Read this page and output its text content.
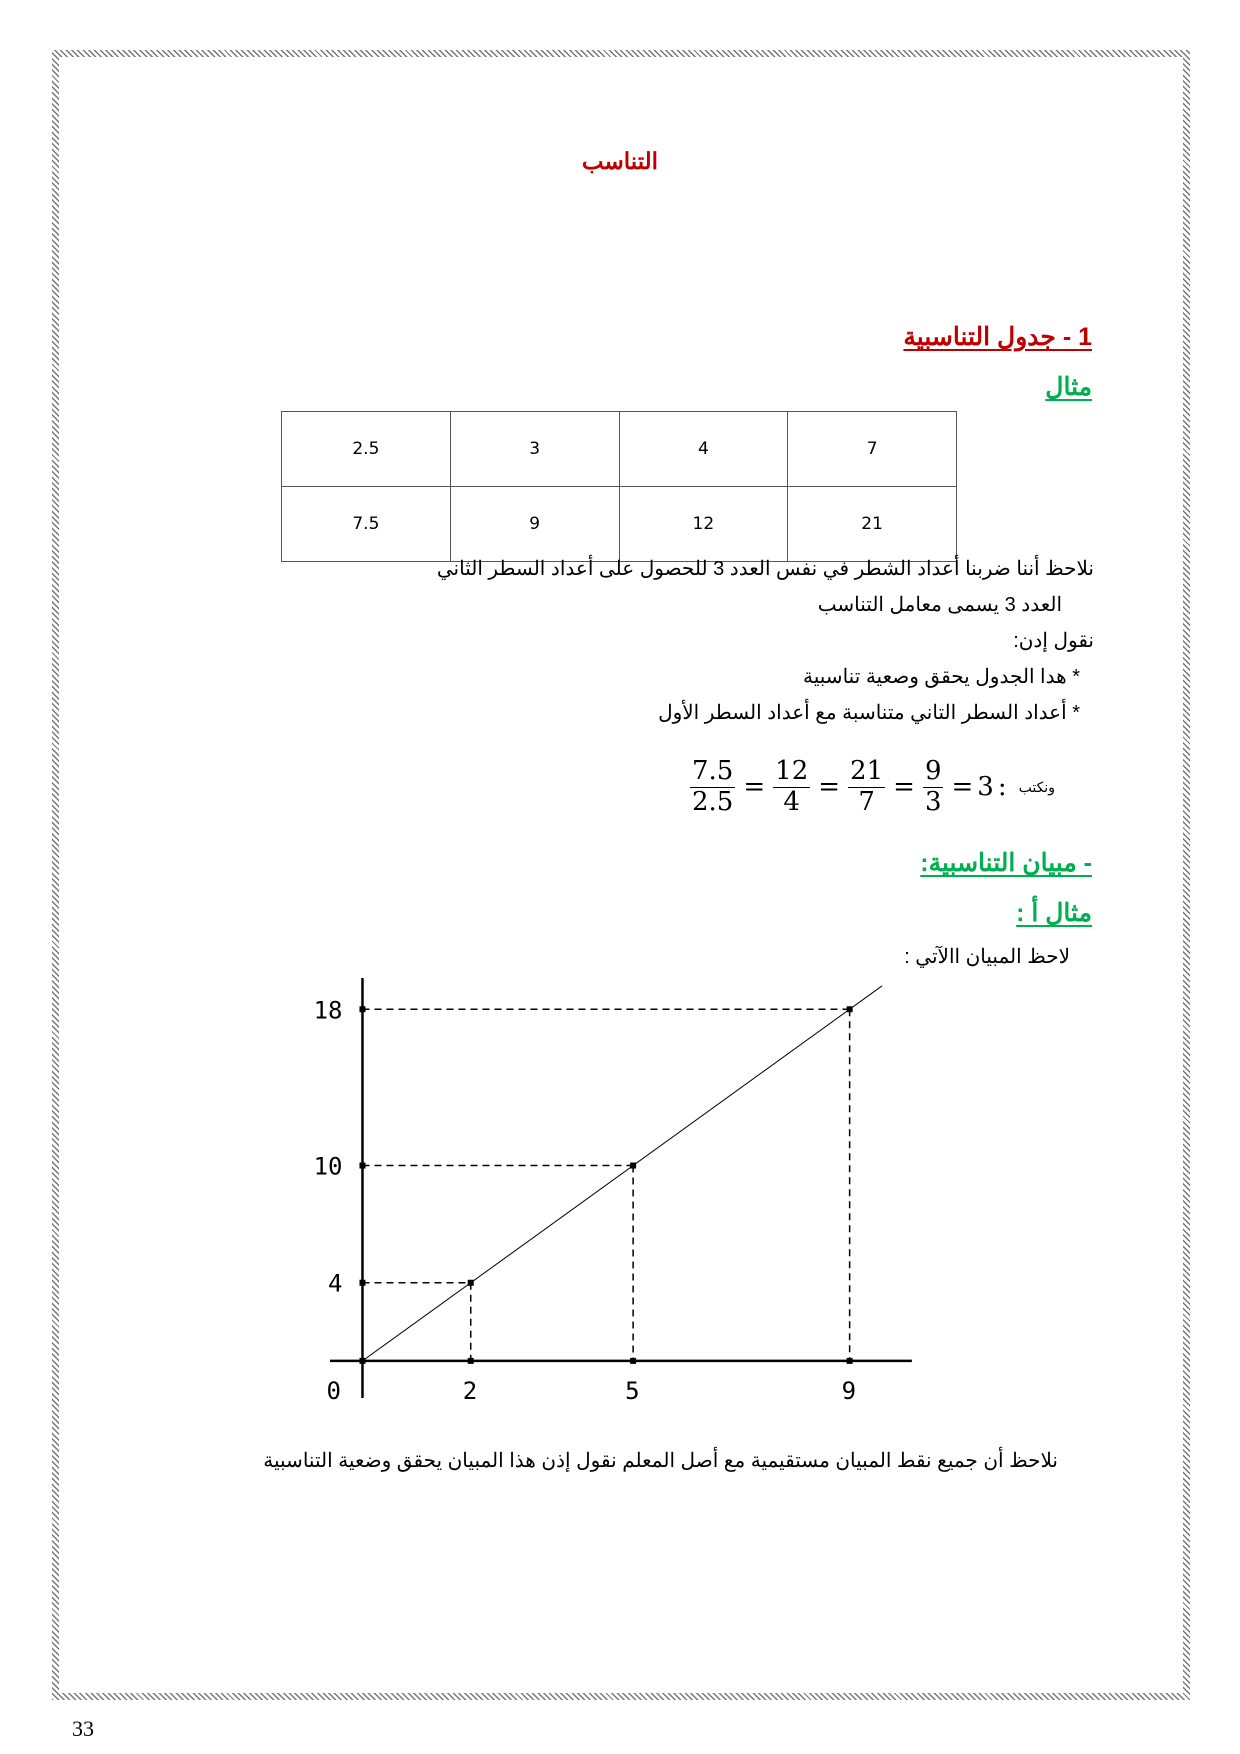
التناسب
1 - جدول التناسبية
مثال
2.5	3	4	7
7.5	9	12	21
نلاحظ أننا ضربنا أعداد الشطر في نفس العدد 3 للحصول على أعداد السطر الثاني
العدد 3 يسمى معامل التناسب
نقول إدن:
* هدا الجدول يحقق وصعية تناسبية
* أعداد السطر التاني متناسبة مع أعداد السطر الأول
$\frac{7.5}{2.5} = \frac{12}{4} = \frac{21}{7} = \frac{9}{3} = 3$ : ونكتب
- مبيان التناسبية:
مثال أ :
لاحظ المبيان االآتي :
0	2	5	9
4
10
18
نلاحظ أن جميع نقط المبيان مستقيمية مع أصل المعلم نقول إذن هذا المبيان يحقق وضعية التناسبية
33
